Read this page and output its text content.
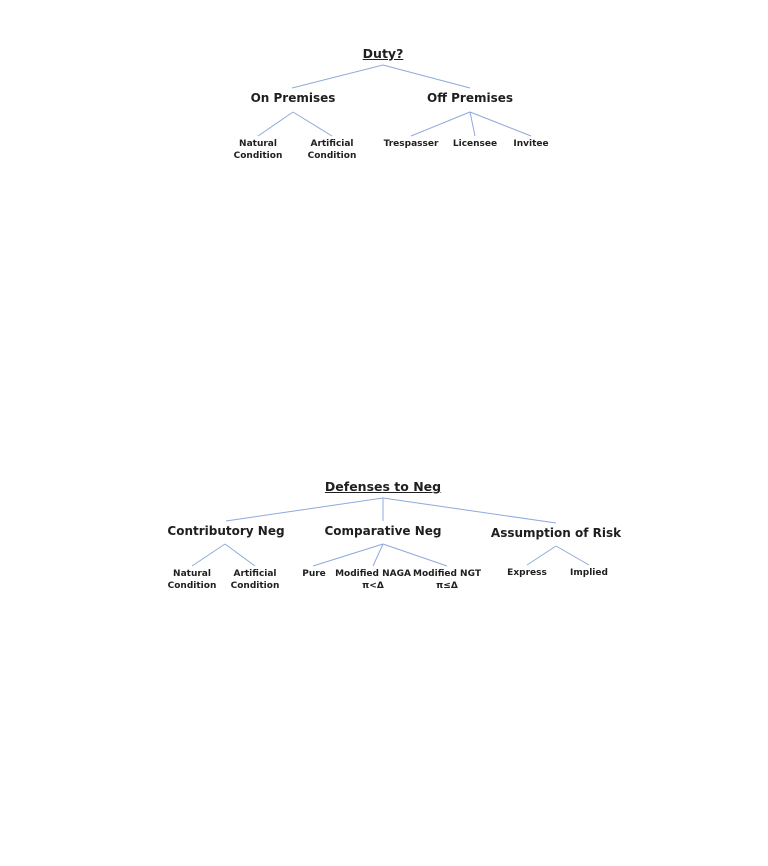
Duty?
On Premises	Off Premises
Natural
Condition
Artificial
Condition
Trespasser Licensee Invitee
Defenses to Neg
Contributory Neg	Comparative Neg	Assumption of Risk
Natural
Condition
Artificial
Condition
Pure Modified NAGA
π<Δ
Modified NGT
π≤Δ
Express	Implied
